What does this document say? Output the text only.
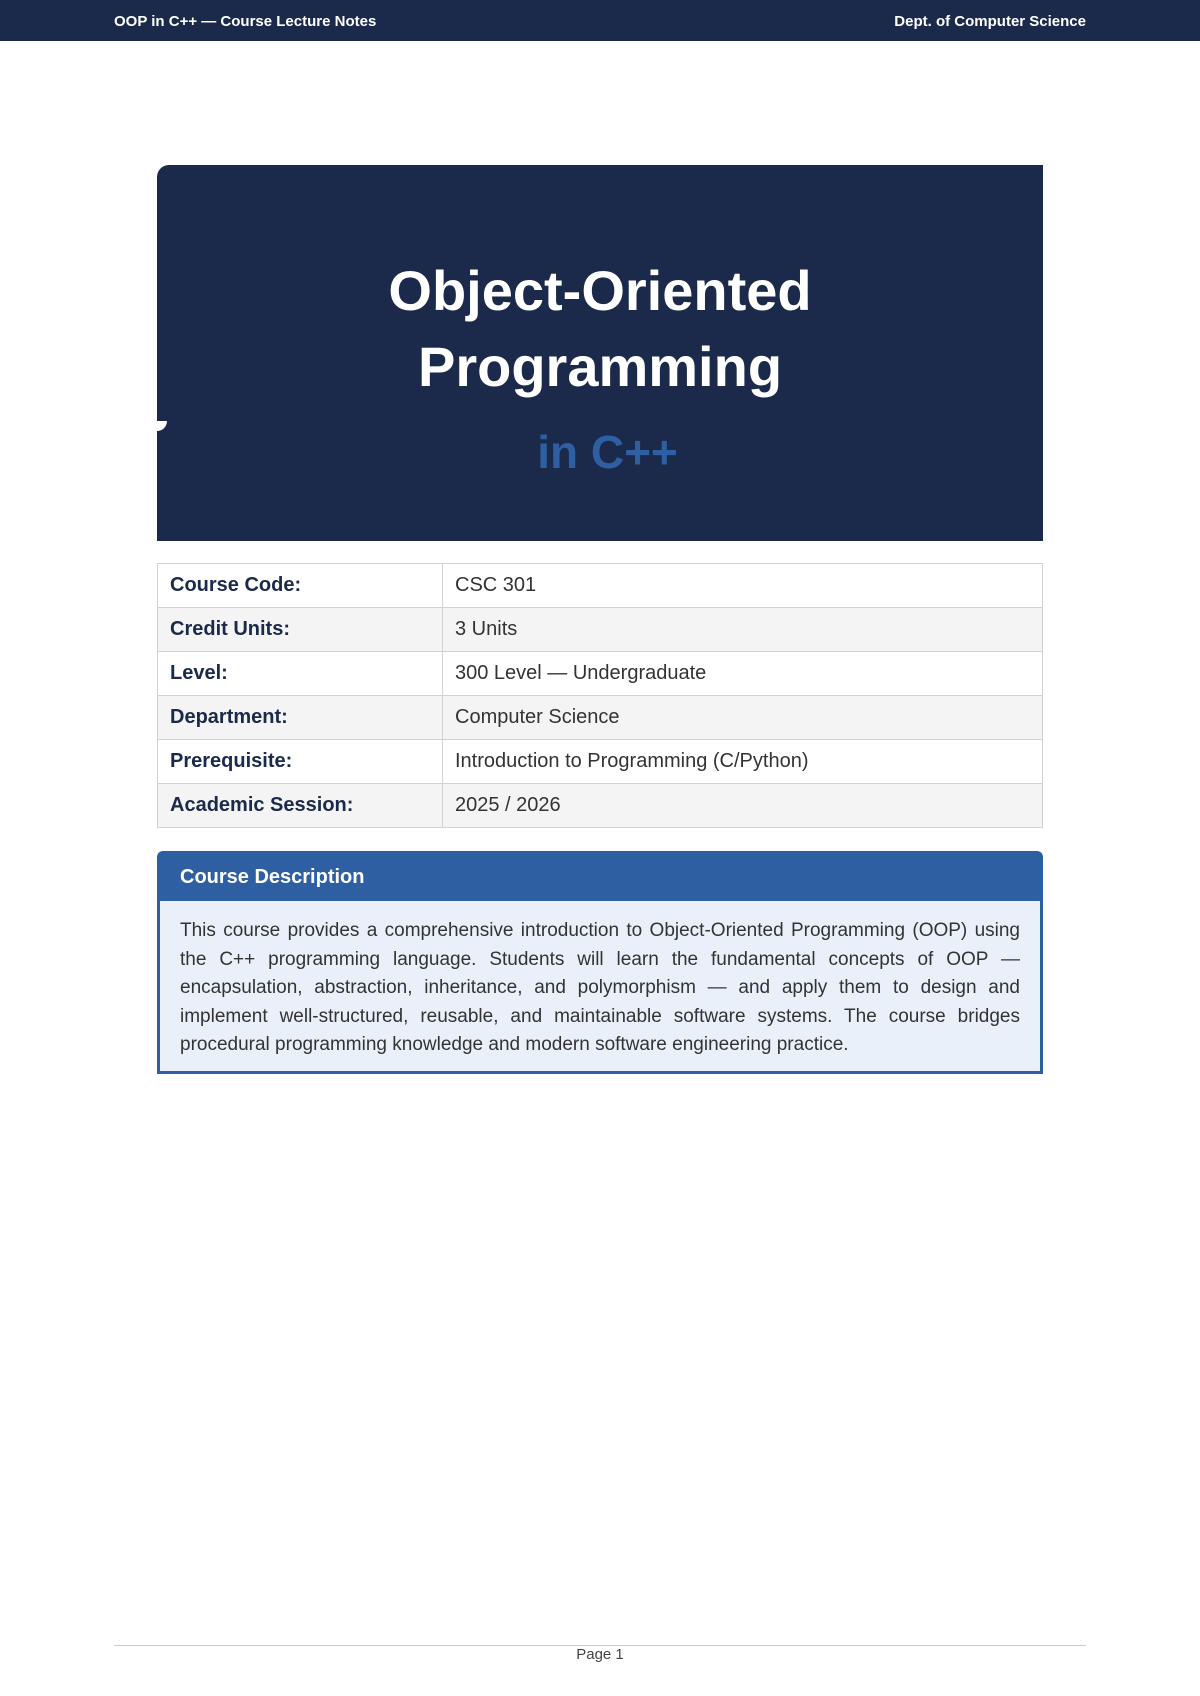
OOP in C++ — Course Lecture Notes	Dept. of Computer Science
Object-Oriented
Programming
in C++
Course Code:	CSC 301
Credit Units:	3 Units
Level:	300 Level — Undergraduate
Department:	Computer Science
Prerequisite:	Introduction to Programming (C/Python)
Academic Session:	2025 / 2026
Course Description
This course provides a comprehensive introduction to Object-Oriented Programming (OOP) using the C++ programming language. Students will learn the fundamental concepts of OOP — encapsulation, abstraction, inheritance, and polymorphism — and apply them to design and implement well-structured, reusable, and maintainable software systems. The course bridges procedural programming knowledge and modern software engineering practice.
Page 1
